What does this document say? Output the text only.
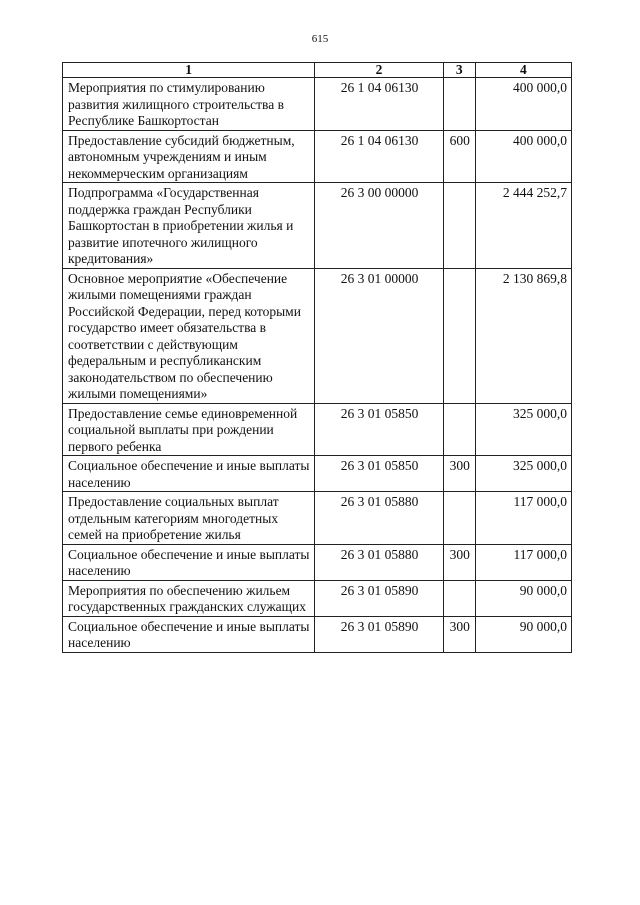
615
1	2	3	4
Мероприятия по стимулированию развития жилищного строительства в Республике Башкортостан	26 1 04 06130		400 000,0
Предоставление субсидий бюджетным, автономным учреждениям и иным некоммерческим организациям	26 1 04 06130	600	400 000,0
Подпрограмма «Государственная поддержка граждан Республики Башкортостан в приобретении жилья и развитие ипотечного жилищного кредитования»	26 3 00 00000		2 444 252,7
Основное мероприятие «Обеспечение жилыми помещениями граждан Российской Федерации, перед которыми государство имеет обязательства в соответствии с действующим федеральным и республиканским законодательством по обеспечению жилыми помещениями»	26 3 01 00000		2 130 869,8
Предоставление семье единовременной социальной выплаты при рождении первого ребенка	26 3 01 05850		325 000,0
Социальное обеспечение и иные выплаты населению	26 3 01 05850	300	325 000,0
Предоставление социальных выплат отдельным категориям многодетных семей на приобретение жилья	26 3 01 05880		117 000,0
Социальное обеспечение и иные выплаты населению	26 3 01 05880	300	117 000,0
Мероприятия по обеспечению жильем государственных гражданских служащих	26 3 01 05890		90 000,0
Социальное обеспечение и иные выплаты населению	26 3 01 05890	300	90 000,0
